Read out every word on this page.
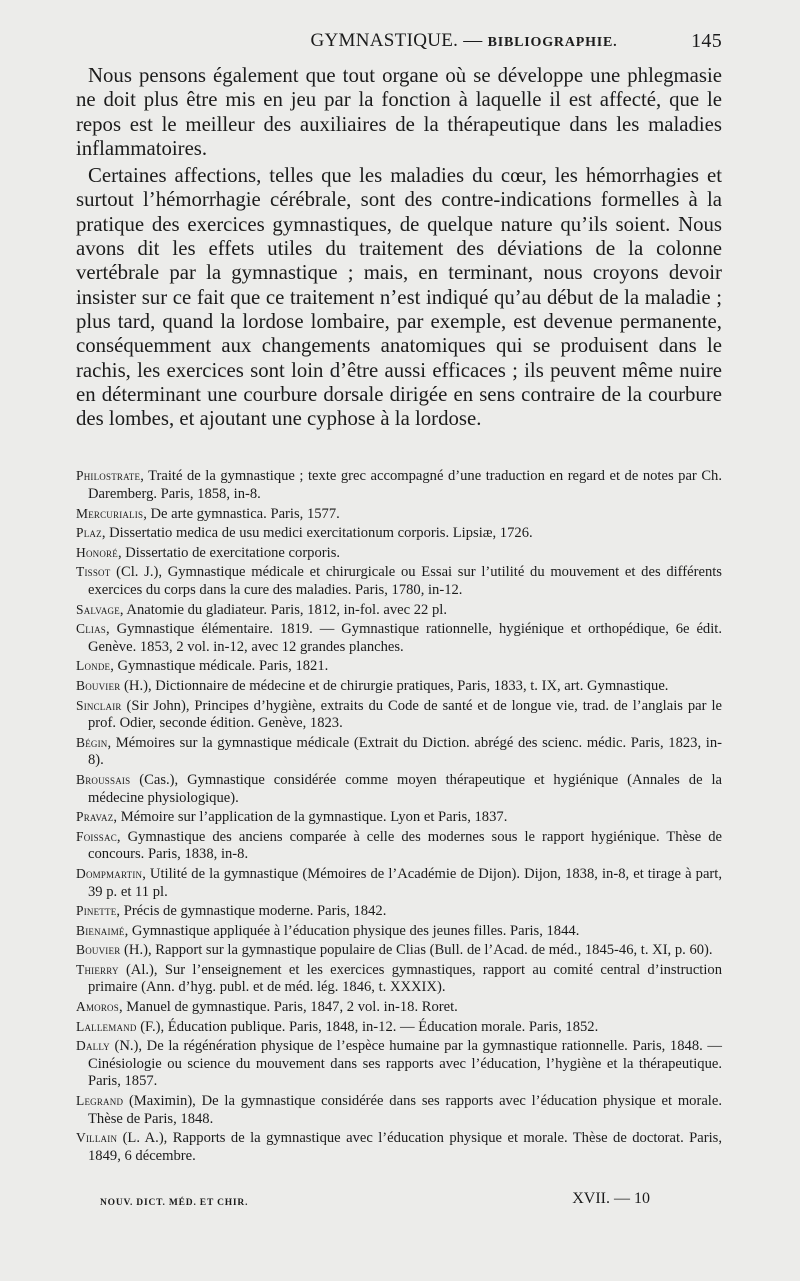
GYMNASTIQUE. — BIBLIOGRAPHIE.	145

Nous pensons également que tout organe où se développe une phlegmasie ne doit plus être mis en jeu par la fonction à laquelle il est affecté, que le repos est le meilleur des auxiliaires de la thérapeutique dans les maladies inflammatoires.

Certaines affections, telles que les maladies du cœur, les hémorrhagies et surtout l’hémorrhagie cérébrale, sont des contre-indications formelles à la pratique des exercices gymnastiques, de quelque nature qu’ils soient. Nous avons dit les effets utiles du traitement des déviations de la colonne vertébrale par la gymnastique ; mais, en terminant, nous croyons devoir insister sur ce fait que ce traitement n’est indiqué qu’au début de la maladie ; plus tard, quand la lordose lombaire, par exemple, est devenue permanente, conséquemment aux changements anatomiques qui se produisent dans le rachis, les exercices sont loin d’être aussi efficaces ; ils peuvent même nuire en déterminant une courbure dorsale dirigée en sens contraire de la courbure des lombes, et ajoutant une cyphose à la lordose.

Philostrate, Traité de la gymnastique ; texte grec accompagné d’une traduction en regard et de notes par Ch. Daremberg. Paris, 1858, in-8.

Mercurialis, De arte gymnastica. Paris, 1577.

Plaz, Dissertatio medica de usu medici exercitationum corporis. Lipsiæ, 1726.

Honoré, Dissertatio de exercitatione corporis.

Tissot (Cl. J.), Gymnastique médicale et chirurgicale ou Essai sur l’utilité du mouvement et des différents exercices du corps dans la cure des maladies. Paris, 1780, in-12.

Salvage, Anatomie du gladiateur. Paris, 1812, in-fol. avec 22 pl.

Clias, Gymnastique élémentaire. 1819. — Gymnastique rationnelle, hygiénique et orthopédique, 6e édit. Genève. 1853, 2 vol. in-12, avec 12 grandes planches.

Londe, Gymnastique médicale. Paris, 1821.

Bouvier (H.), Dictionnaire de médecine et de chirurgie pratiques, Paris, 1833, t. IX, art. Gymnastique.

Sinclair (Sir John), Principes d’hygiène, extraits du Code de santé et de longue vie, trad. de l’anglais par le prof. Odier, seconde édition. Genève, 1823.

Bégin, Mémoires sur la gymnastique médicale (Extrait du Diction. abrégé des scienc. médic. Paris, 1823, in-8).

Broussais (Cas.), Gymnastique considérée comme moyen thérapeutique et hygiénique (Annales de la médecine physiologique).

Pravaz, Mémoire sur l’application de la gymnastique. Lyon et Paris, 1837.

Foissac, Gymnastique des anciens comparée à celle des modernes sous le rapport hygiénique. Thèse de concours. Paris, 1838, in-8.

Dompmartin, Utilité de la gymnastique (Mémoires de l’Académie de Dijon). Dijon, 1838, in-8, et tirage à part, 39 p. et 11 pl.

Pinette, Précis de gymnastique moderne. Paris, 1842.

Bienaimé, Gymnastique appliquée à l’éducation physique des jeunes filles. Paris, 1844.

Bouvier (H.), Rapport sur la gymnastique populaire de Clias (Bull. de l’Acad. de méd., 1845-46, t. XI, p. 60).

Thierry (Al.), Sur l’enseignement et les exercices gymnastiques, rapport au comité central d’instruction primaire (Ann. d’hyg. publ. et de méd. lég. 1846, t. XXXIX).

Amoros, Manuel de gymnastique. Paris, 1847, 2 vol. in-18. Roret.

Lallemand (F.), Éducation publique. Paris, 1848, in-12. — Éducation morale. Paris, 1852.

Dally (N.), De la régénération physique de l’espèce humaine par la gymnastique rationnelle. Paris, 1848. — Cinésiologie ou science du mouvement dans ses rapports avec l’éducation, l’hygiène et la thérapeutique. Paris, 1857.

Legrand (Maximin), De la gymnastique considérée dans ses rapports avec l’éducation physique et morale. Thèse de Paris, 1848.

Villain (L. A.), Rapports de la gymnastique avec l’éducation physique et morale. Thèse de doctorat. Paris, 1849, 6 décembre.

NOUV. DICT. MÉD. ET CHIR.	XVII. — 10
